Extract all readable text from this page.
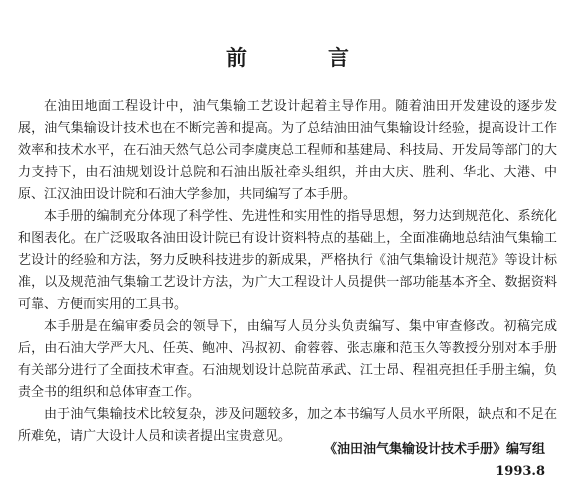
前　言

在油田地面工程设计中，油气集输工艺设计起着主导作用。随着油田开发建设的逐步发展，油气集输设计技术也在不断完善和提高。为了总结油田油气集输设计经验，提高设计工作效率和技术水平，在石油天然气总公司李虞庚总工程师和基建局、科技局、开发局等部门的大力支持下，由石油规划设计总院和石油出版社牵头组织，并由大庆、胜利、华北、大港、中原、江汉油田设计院和石油大学参加，共同编写了本手册。

本手册的编制充分体现了科学性、先进性和实用性的指导思想，努力达到规范化、系统化和图表化。在广泛吸取各油田设计院已有设计资料特点的基础上，全面准确地总结油气集输工艺设计的经验和方法，努力反映科技进步的新成果，严格执行《油气集输设计规范》等设计标准，以及规范油气集输工艺设计方法，为广大工程设计人员提供一部功能基本齐全、数据资料可靠、方便而实用的工具书。

本手册是在编审委员会的领导下，由编写人员分头负责编写、集中审查修改。初稿完成后，由石油大学严大凡、任英、鲍冲、冯叔初、俞蓉蓉、张志廉和范玉久等教授分别对本手册有关部分进行了全面技术审查。石油规划设计总院苗承武、江士昂、程祖亮担任手册主编，负责全书的组织和总体审查工作。

由于油气集输技术比较复杂，涉及问题较多，加之本书编写人员水平所限，缺点和不足在所难免，请广大设计人员和读者提出宝贵意见。

《油田油气集输设计技术手册》编写组
1993.8
